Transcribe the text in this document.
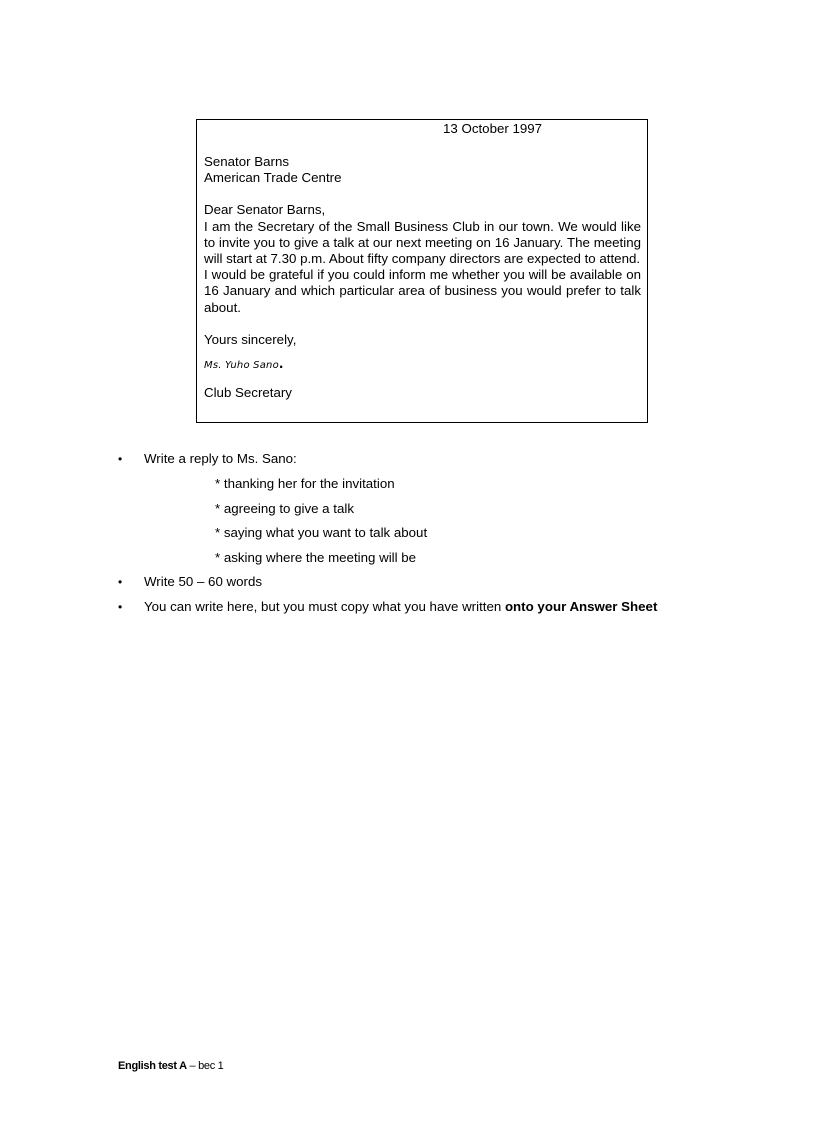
13 October 1997
Senator Barns
American Trade Centre
Dear Senator Barns,
I am the Secretary of the Small Business Club in our town. We would like to invite you to give a talk at our next meeting on 16 January. The meeting will start at 7.30 p.m. About fifty company directors are expected to attend.
I would be grateful if you could inform me whether you will be available on 16 January and which particular area of business you would prefer to talk about.
Yours sincerely,
Ms. Yuho Sano.
Club Secretary
• Write a reply to Ms. Sano:
* thanking her for the invitation
* agreeing to give a talk
* saying what you want to talk about
* asking where the meeting will be
• Write 50 – 60 words
• You can write here, but you must copy what you have written onto your Answer Sheet
English test A – bec 1
